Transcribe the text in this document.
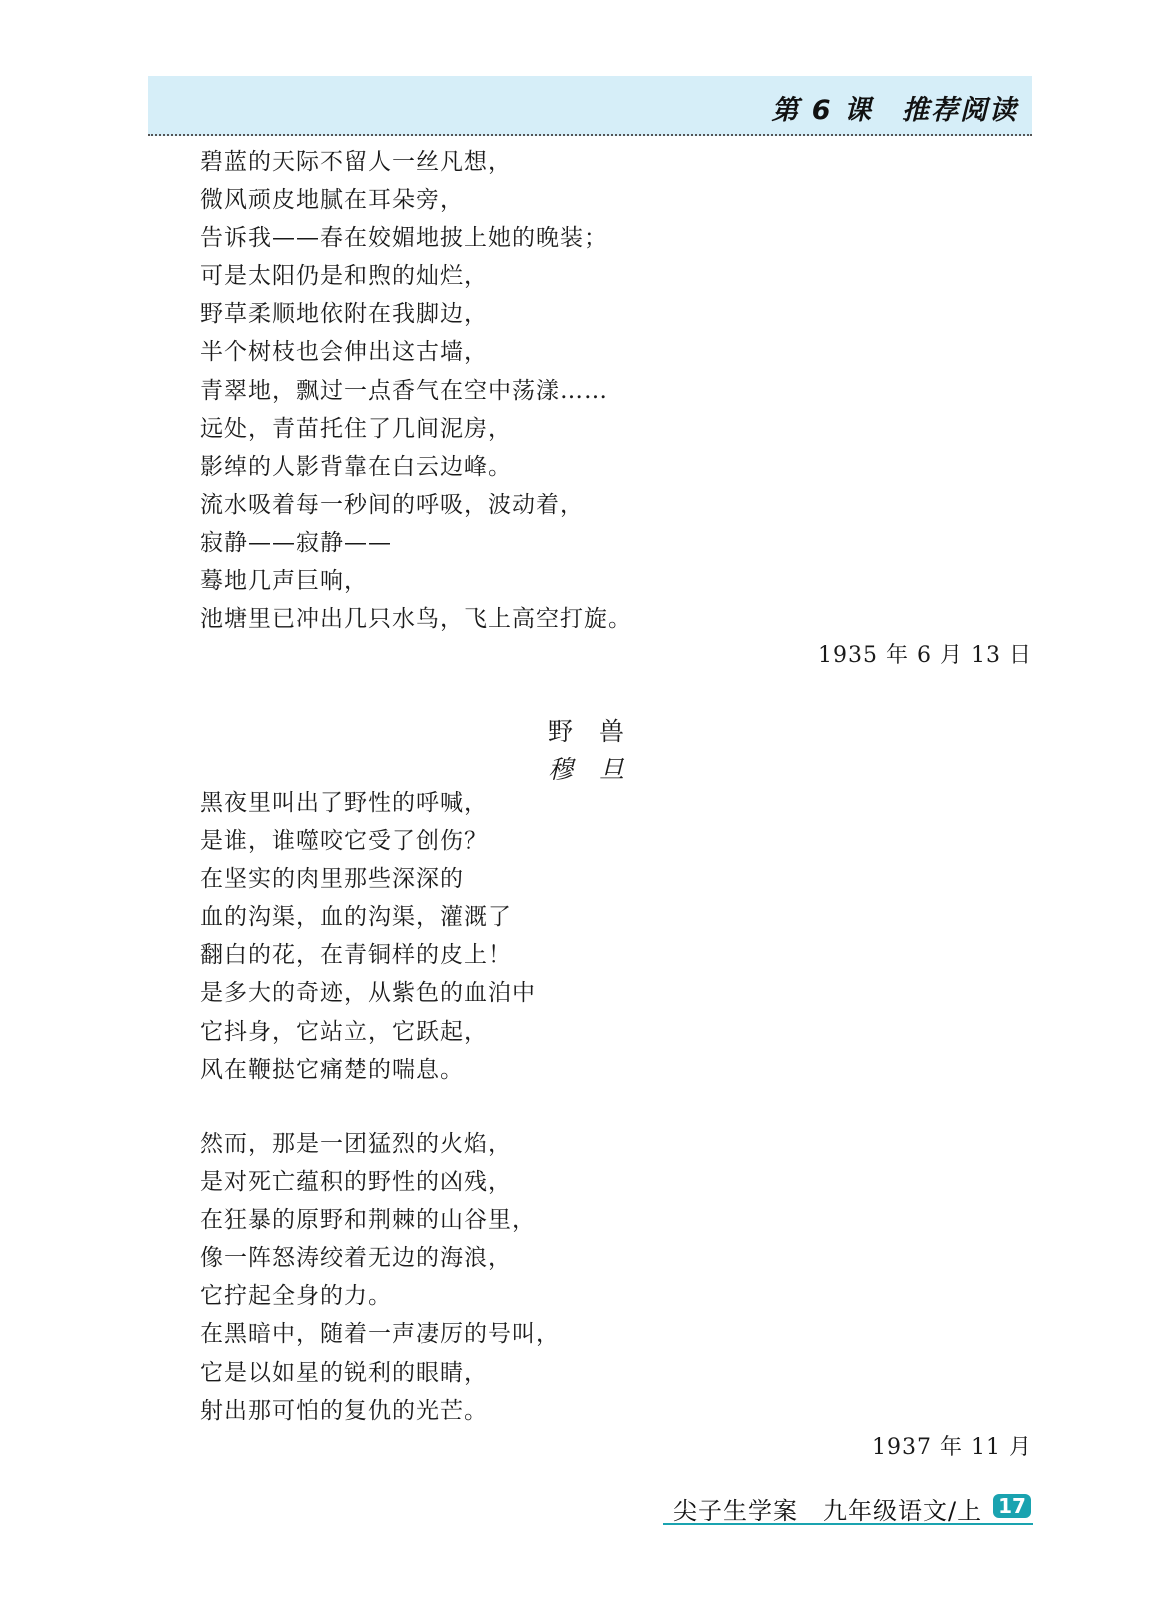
第 6 课　推荐阅读
碧蓝的天际不留人一丝凡想，
微风顽皮地腻在耳朵旁，
告诉我——春在姣媚地披上她的晚装；
可是太阳仍是和煦的灿烂，
野草柔顺地依附在我脚边，
半个树枝也会伸出这古墙，
青翠地，飘过一点香气在空中荡漾……
远处，青苗托住了几间泥房，
影绰的人影背靠在白云边峰。
流水吸着每一秒间的呼吸，波动着，
寂静——寂静——
蓦地几声巨响，
池塘里已冲出几只水鸟，飞上高空打旋。
1935 年 6 月 13 日
野兽
穆旦
黑夜里叫出了野性的呼喊，
是谁，谁噬咬它受了创伤？
在坚实的肉里那些深深的
血的沟渠，血的沟渠，灌溉了
翻白的花，在青铜样的皮上！
是多大的奇迹，从紫色的血泊中
它抖身，它站立，它跃起，
风在鞭挞它痛楚的喘息。
然而，那是一团猛烈的火焰，
是对死亡蕴积的野性的凶残，
在狂暴的原野和荆棘的山谷里，
像一阵怒涛绞着无边的海浪，
它拧起全身的力。
在黑暗中，随着一声凄厉的号叫，
它是以如星的锐利的眼睛，
射出那可怕的复仇的光芒。
1937 年 11 月
尖子生学案　九年级语文/上 17
